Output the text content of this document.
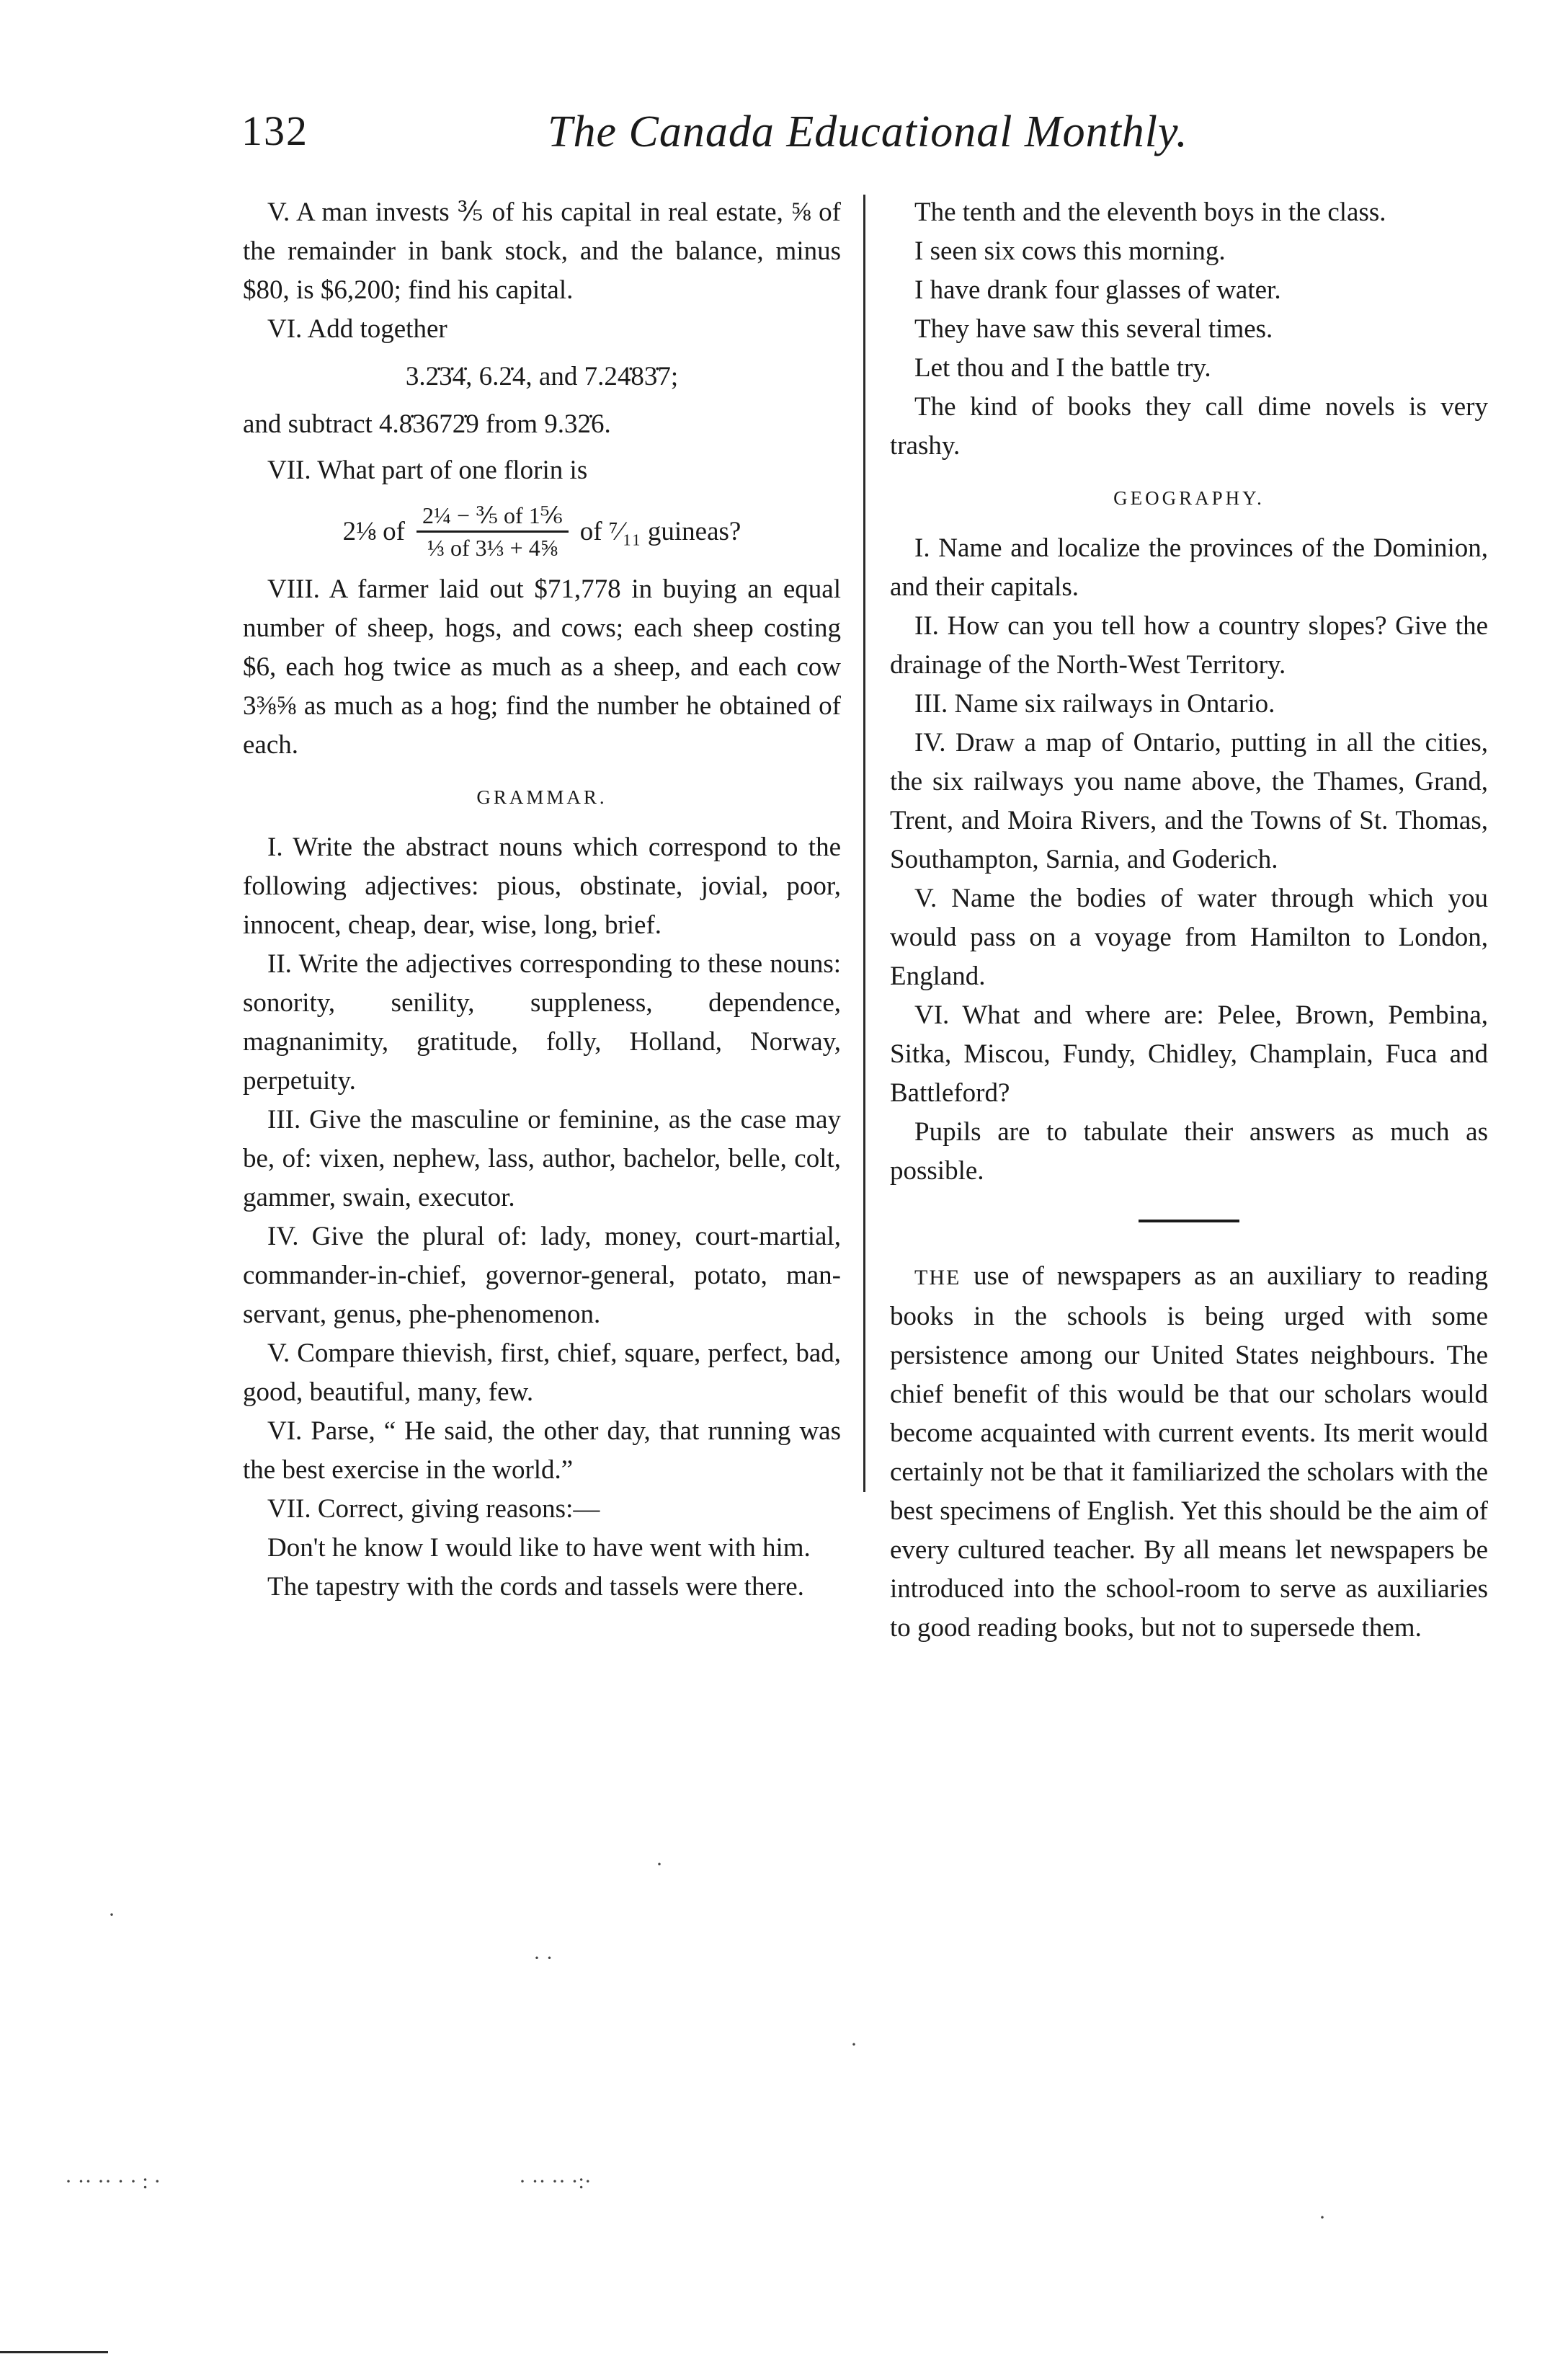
132	The Canada Educational Monthly.

V. A man invests ⅗ of his capital in real estate, ⅝ of the remainder in bank stock, and the balance, minus $80, is $6,200; find his capital.

VI. Add together

3.2̇3̇4̇, 6.2̇4, and 7.24̇83̇7;

and subtract 4.8̇3672̇9 from 9.32̇6.

VII. What part of one florin is

2⅛ of $\frac{\text{2¼ − ⅗ of 1⅚}}{\text{⅓ of 3⅓ + 4⅝}}$ of ⁷⁄₁₁ guineas?

VIII. A farmer laid out $71,778 in buying an equal number of sheep, hogs, and cows; each sheep costing $6, each hog twice as much as a sheep, and each cow 3⅜⅝ as much as a hog; find the number he obtained of each.

GRAMMAR.

I. Write the abstract nouns which correspond to the following adjectives: pious, obstinate, jovial, poor, innocent, cheap, dear, wise, long, brief.

II. Write the adjectives corresponding to these nouns: sonority, senility, suppleness, dependence, magnanimity, gratitude, folly, Holland, Norway, perpetuity.

III. Give the masculine or feminine, as the case may be, of: vixen, nephew, lass, author, bachelor, belle, colt, gammer, swain, executor.

IV. Give the plural of: lady, money, court-martial, commander-in-chief, governor-general, potato, man-servant, genus, phe-phenomenon.

V. Compare thievish, first, chief, square, perfect, bad, good, beautiful, many, few.

VI. Parse, “ He said, the other day, that running was the best exercise in the world.”

VII. Correct, giving reasons:—

Don't he know I would like to have went with him.

The tapestry with the cords and tassels were there.

The tenth and the eleventh boys in the class.

I seen six cows this morning.

I have drank four glasses of water.

They have saw this several times.

Let thou and I the battle try.

The kind of books they call dime novels is very trashy.

GEOGRAPHY.

I. Name and localize the provinces of the Dominion, and their capitals.

II. How can you tell how a country slopes? Give the drainage of the North-West Territory.

III. Name six railways in Ontario.

IV. Draw a map of Ontario, putting in all the cities, the six railways you name above, the Thames, Grand, Trent, and Moira Rivers, and the Towns of St. Thomas, Southampton, Sarnia, and Goderich.

V. Name the bodies of water through which you would pass on a voyage from Hamilton to London, England.

VI. What and where are: Pelee, Brown, Pembina, Sitka, Miscou, Fundy, Chidley, Champlain, Fuca and Battleford?

Pupils are to tabulate their answers as much as possible.

THE use of newspapers as an auxiliary to reading books in the schools is being urged with some persistence among our United States neighbours. The chief benefit of this would be that our scholars would become acquainted with current events. Its merit would certainly not be that it familiarized the scholars with the best specimens of English. Yet this should be the aim of every cultured teacher. By all means let newspapers be introduced into the school-room to serve as auxiliaries to good reading books, but not to supersede them.

·
·
· ·
·
· ·· ·· · · : ·	· ·· ·· ·:·
·
